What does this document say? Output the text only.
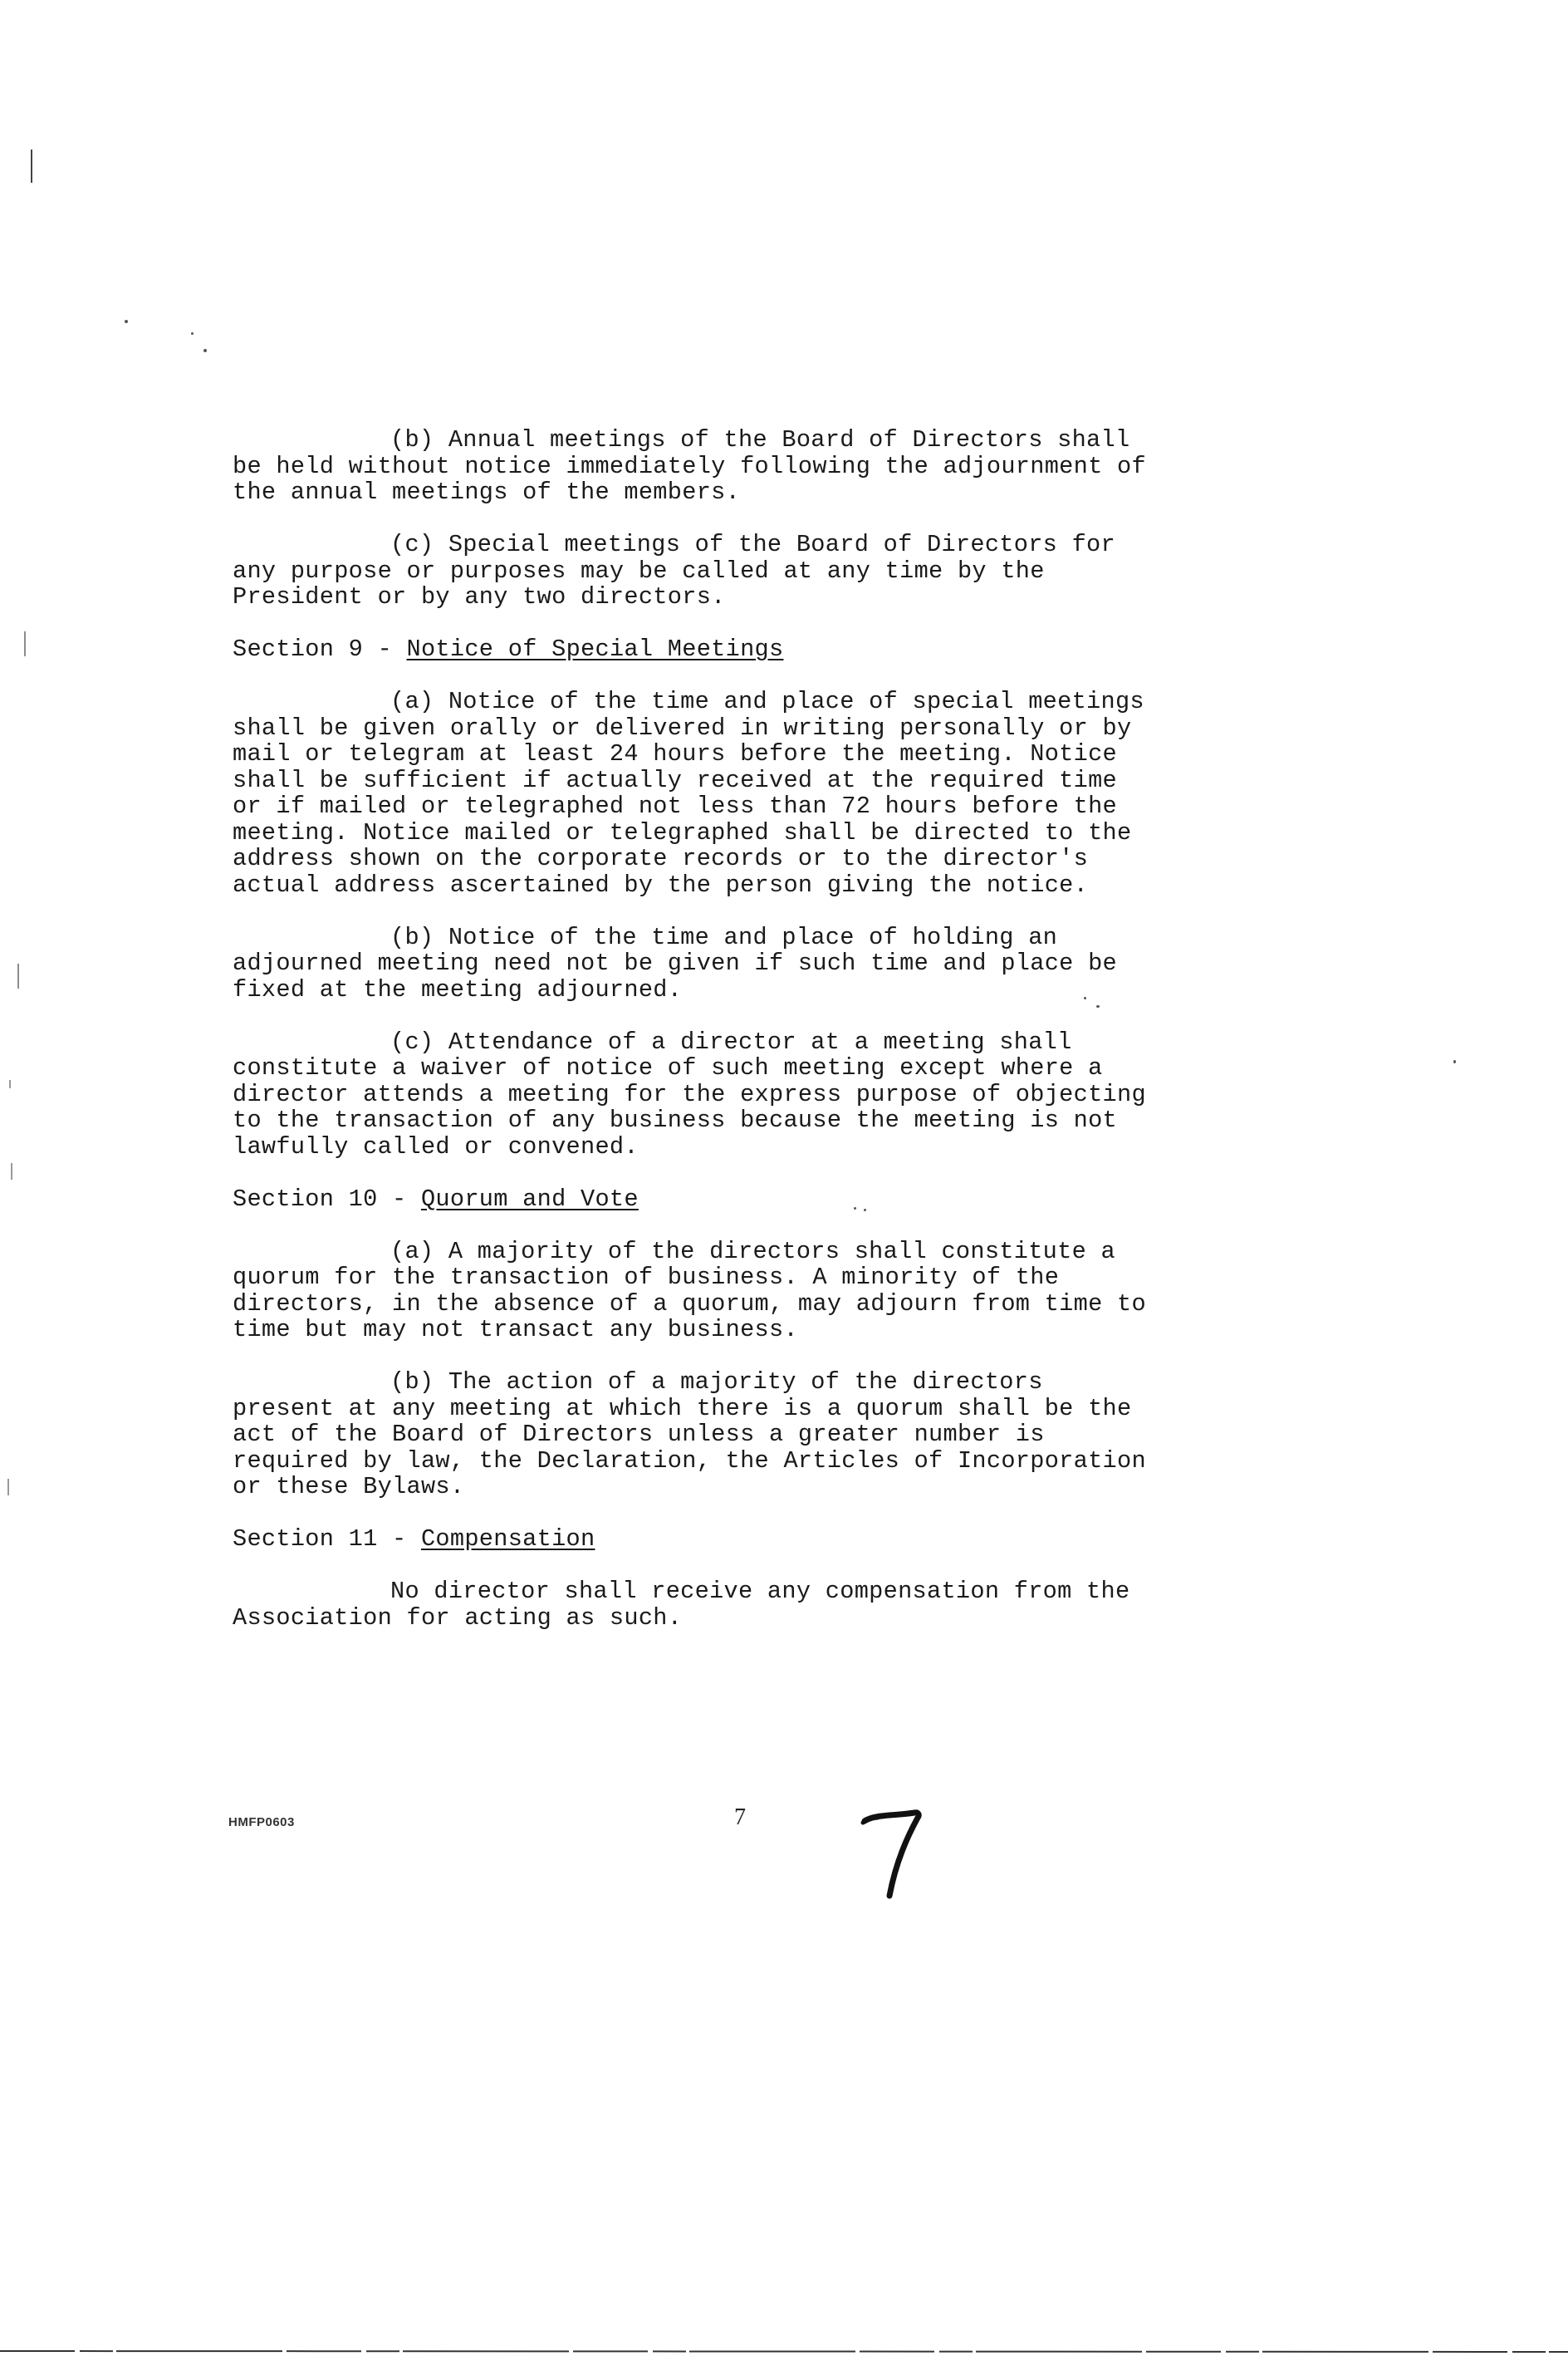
(b) Annual meetings of the Board of Directors shall
be held without notice immediately following the adjournment of
the annual meetings of the members.
(c) Special meetings of the Board of Directors for
any purpose or purposes may be called at any time by the
President or by any two directors.
Section 9 - Notice of Special Meetings
(a) Notice of the time and place of special meetings
shall be given orally or delivered in writing personally or by
mail or telegram at least 24 hours before the meeting. Notice
shall be sufficient if actually received at the required time
or if mailed or telegraphed not less than 72 hours before the
meeting. Notice mailed or telegraphed shall be directed to the
address shown on the corporate records or to the director's
actual address ascertained by the person giving the notice.
(b) Notice of the time and place of holding an
adjourned meeting need not be given if such time and place be
fixed at the meeting adjourned.
(c) Attendance of a director at a meeting shall
constitute a waiver of notice of such meeting except where a
director attends a meeting for the express purpose of objecting
to the transaction of any business because the meeting is not
lawfully called or convened.
Section 10 - Quorum and Vote
(a) A majority of the directors shall constitute a
quorum for the transaction of business. A minority of the
directors, in the absence of a quorum, may adjourn from time to
time but may not transact any business.
(b) The action of a majority of the directors
present at any meeting at which there is a quorum shall be the
act of the Board of Directors unless a greater number is
required by law, the Declaration, the Articles of Incorporation
or these Bylaws.
Section 11 - Compensation
No director shall receive any compensation from the
Association for acting as such.
HMFP0603	7
